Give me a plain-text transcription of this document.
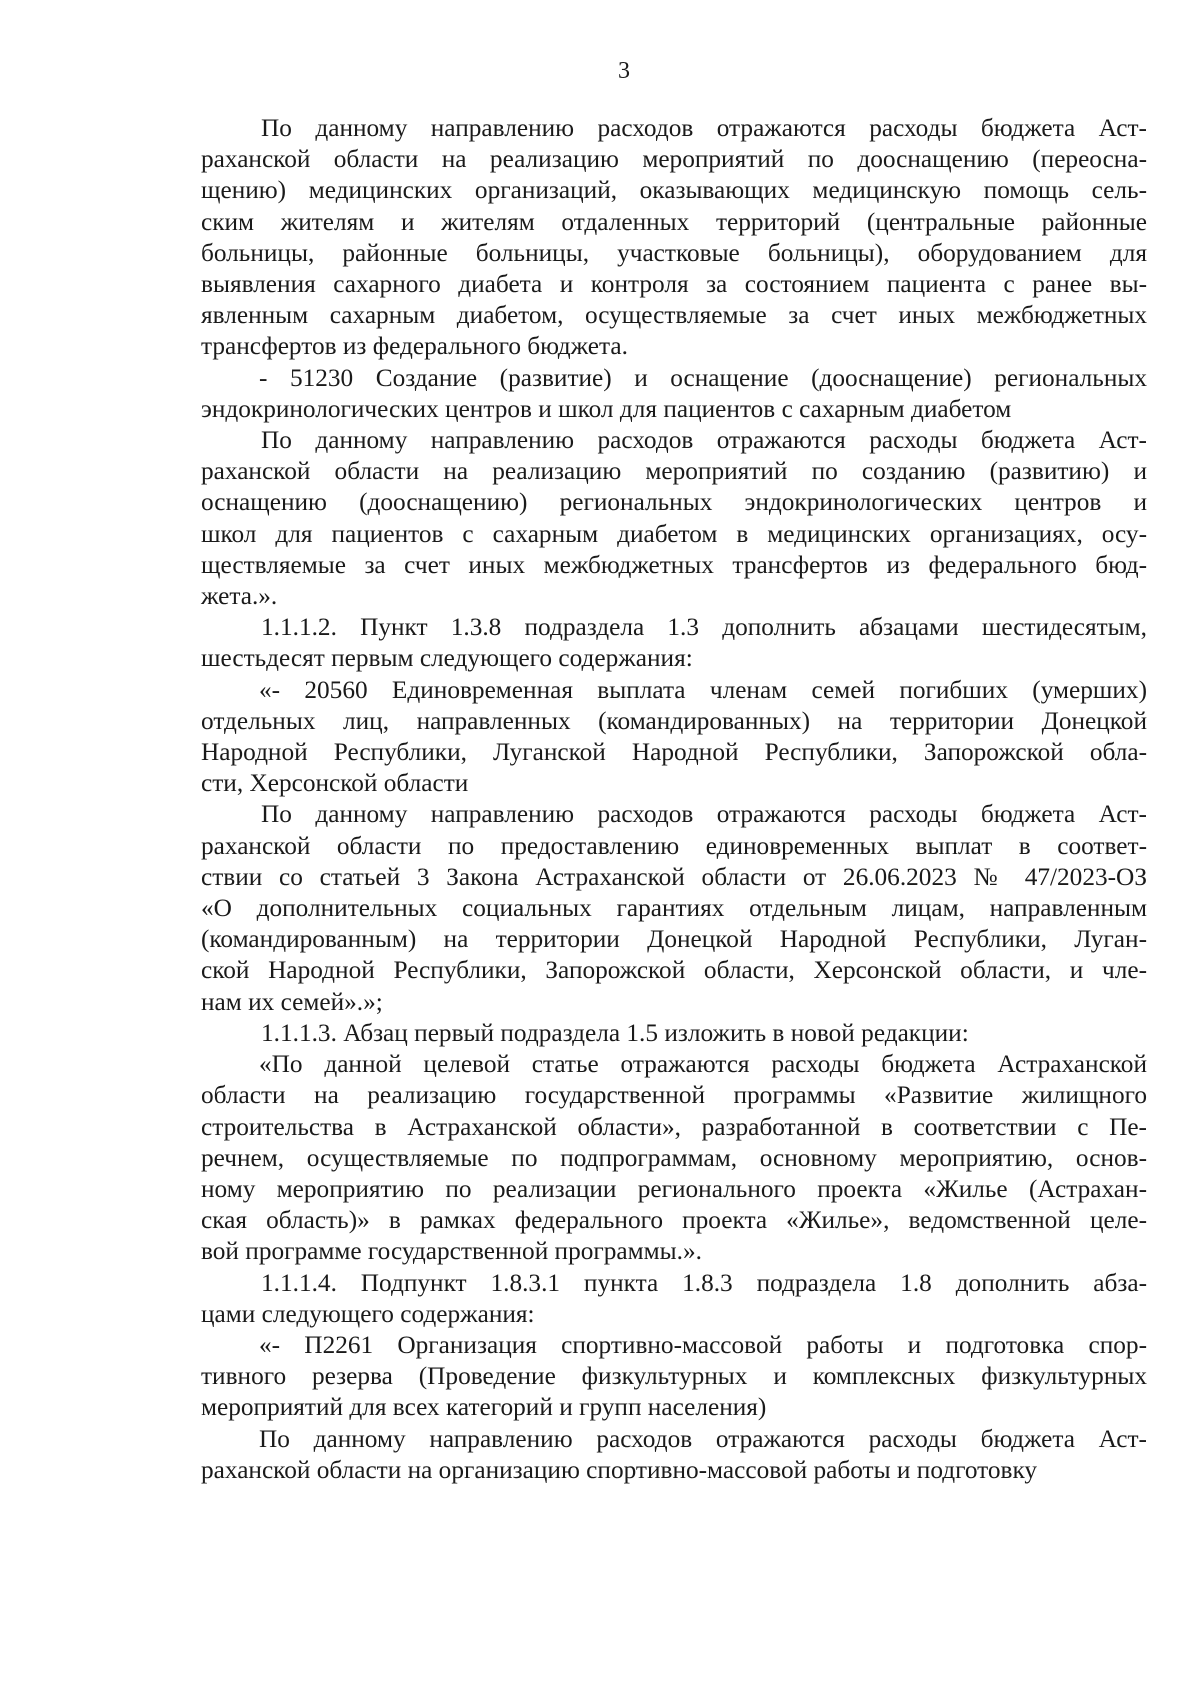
3
По данному направлению расходов отражаются расходы бюджета Аст-
раханской области на реализацию мероприятий по дооснащению (переосна-
щению) медицинских организаций, оказывающих медицинскую помощь сель-
ским жителям и жителям отдаленных территорий (центральные районные
больницы, районные больницы, участковые больницы), оборудованием для
выявления сахарного диабета и контроля за состоянием пациента с ранее вы-
явленным сахарным диабетом, осуществляемые за счет иных межбюджетных
трансфертов из федерального бюджета.
- 51230 Создание (развитие) и оснащение (дооснащение) региональных
эндокринологических центров и школ для пациентов с сахарным диабетом
По данному направлению расходов отражаются расходы бюджета Аст-
раханской области на реализацию мероприятий по созданию (развитию) и
оснащению (дооснащению) региональных эндокринологических центров и
школ для пациентов с сахарным диабетом в медицинских организациях, осу-
ществляемые за счет иных межбюджетных трансфертов из федерального бюд-
жета.».
1.1.1.2. Пункт 1.3.8 подраздела 1.3 дополнить абзацами шестидесятым,
шестьдесят первым следующего содержания:
«- 20560 Единовременная выплата членам семей погибших (умерших)
отдельных лиц, направленных (командированных) на территории Донецкой
Народной Республики, Луганской Народной Республики, Запорожской обла-
сти, Херсонской области
По данному направлению расходов отражаются расходы бюджета Аст-
раханской области по предоставлению единовременных выплат в соответ-
ствии со статьей 3 Закона Астраханской области от 26.06.2023 № 47/2023-ОЗ
«О дополнительных социальных гарантиях отдельным лицам, направленным
(командированным) на территории Донецкой Народной Республики, Луган-
ской Народной Республики, Запорожской области, Херсонской области, и чле-
нам их семей».»;
1.1.1.3. Абзац первый подраздела 1.5 изложить в новой редакции:
«По данной целевой статье отражаются расходы бюджета Астраханской
области на реализацию государственной программы «Развитие жилищного
строительства в Астраханской области», разработанной в соответствии с Пе-
речнем, осуществляемые по подпрограммам, основному мероприятию, основ-
ному мероприятию по реализации регионального проекта «Жилье (Астрахан-
ская область)» в рамках федерального проекта «Жилье», ведомственной целе-
вой программе государственной программы.».
1.1.1.4. Подпункт 1.8.3.1 пункта 1.8.3 подраздела 1.8 дополнить абза-
цами следующего содержания:
«- П2261 Организация спортивно-массовой работы и подготовка спор-
тивного резерва (Проведение физкультурных и комплексных физкультурных
мероприятий для всех категорий и групп населения)
По данному направлению расходов отражаются расходы бюджета Аст-
раханской области на организацию спортивно-массовой работы и подготовку
